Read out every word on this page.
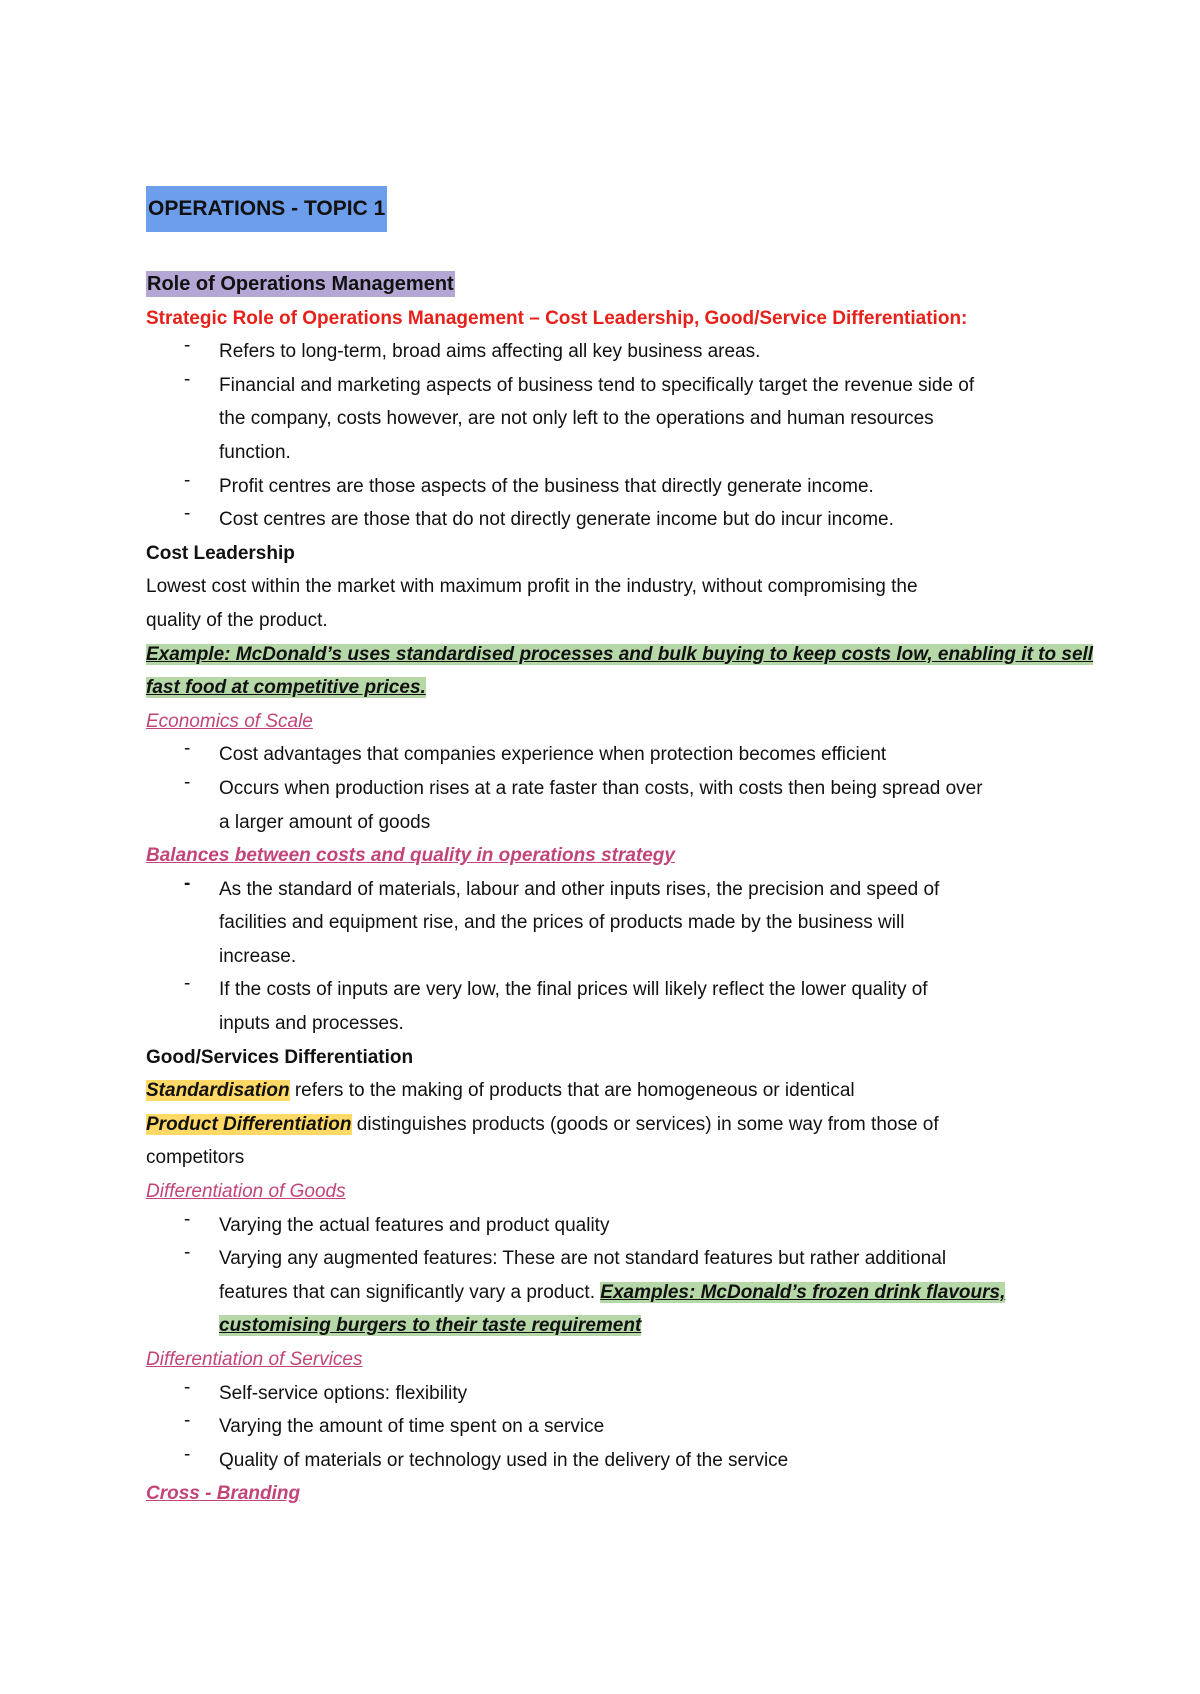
OPERATIONS - TOPIC 1
Role of Operations Management
Strategic Role of Operations Management – Cost Leadership, Good/Service Differentiation:
-	Refers to long-term, broad aims affecting all key business areas.
-	Financial and marketing aspects of business tend to specifically target the revenue side of
the company, costs however, are not only left to the operations and human resources
function.
-	Profit centres are those aspects of the business that directly generate income.
-	Cost centres are those that do not directly generate income but do incur income.
Cost Leadership
Lowest cost within the market with maximum profit in the industry, without compromising the
quality of the product.
Example: McDonald’s uses standardised processes and bulk buying to keep costs low, enabling it to sell
fast food at competitive prices.
Economics of Scale
-	Cost advantages that companies experience when protection becomes efficient
-	Occurs when production rises at a rate faster than costs, with costs then being spread over
a larger amount of goods
Balances between costs and quality in operations strategy
-	As the standard of materials, labour and other inputs rises, the precision and speed of
facilities and equipment rise, and the prices of products made by the business will
increase.
-	If the costs of inputs are very low, the final prices will likely reflect the lower quality of
inputs and processes.
Good/Services Differentiation
Standardisation refers to the making of products that are homogeneous or identical
Product Differentiation distinguishes products (goods or services) in some way from those of
competitors
Differentiation of Goods
-	Varying the actual features and product quality
-	Varying any augmented features: These are not standard features but rather additional
features that can significantly vary a product. Examples: McDonald’s frozen drink flavours,
customising burgers to their taste requirement
Differentiation of Services
-	Self-service options: flexibility
-	Varying the amount of time spent on a service
-	Quality of materials or technology used in the delivery of the service
Cross - Branding
